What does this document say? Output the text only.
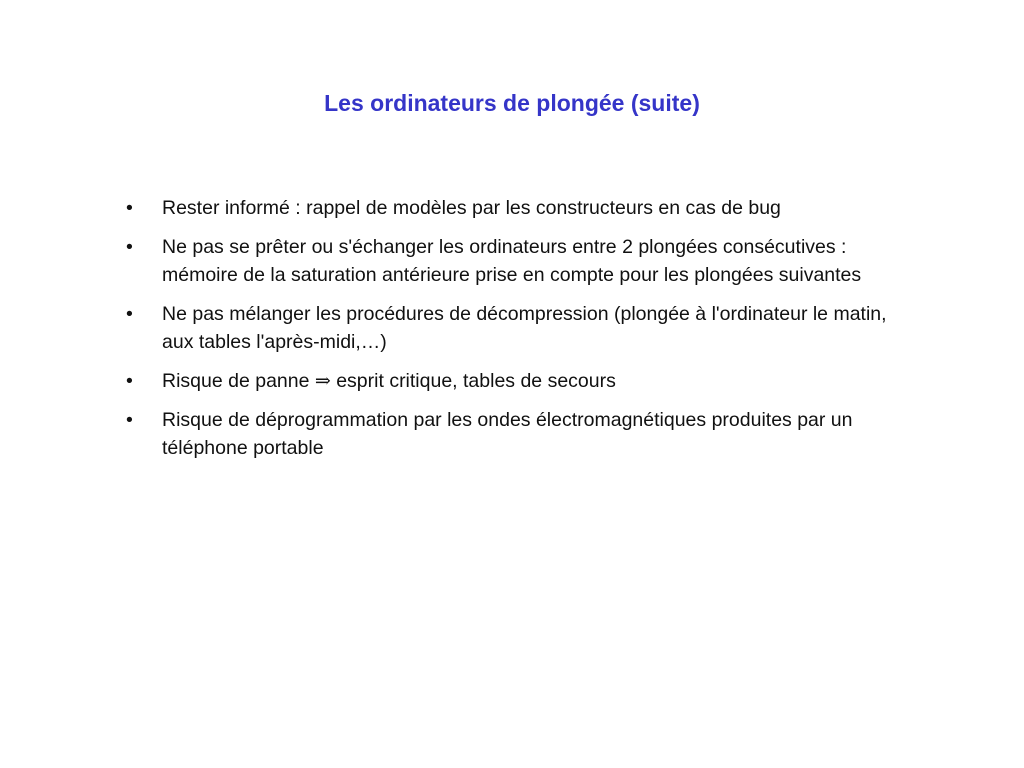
Les ordinateurs de plongée (suite)
•	Rester informé : rappel de modèles par les constructeurs en cas de bug
•	Ne pas se prêter ou s'échanger les ordinateurs entre 2 plongées consécutives : mémoire de la saturation antérieure prise en compte pour les plongées suivantes
•	Ne pas mélanger les procédures de décompression (plongée à l'ordinateur le matin, aux tables l'après-midi,…)
•	Risque de panne ⇒ esprit critique, tables de secours
•	Risque de déprogrammation par les ondes électromagnétiques produites par un téléphone portable
